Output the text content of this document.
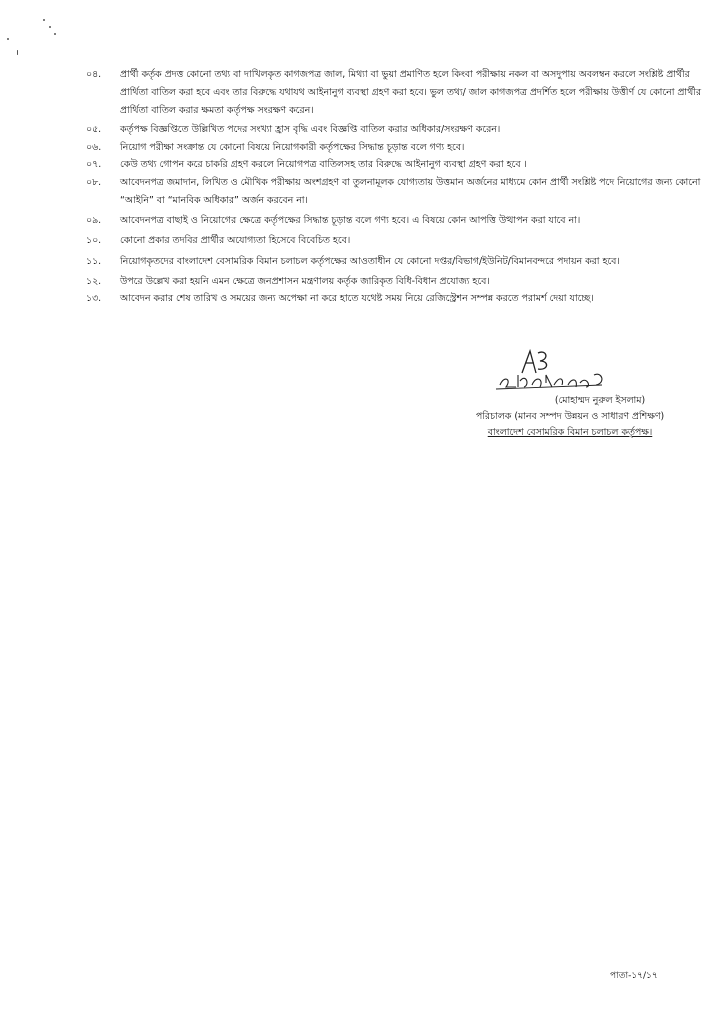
০৪.	প্রার্থী কর্তৃক প্রদত্ত কোনো তথ্য বা দাখিলকৃত কাগজপত্র জাল, মিথ্যা বা ভুয়া প্রমাণিত হলে কিংবা পরীক্ষায় নকল বা অসদুপায় অবলম্বন করলে সংশ্লিষ্ট প্রার্থীর প্রার্থিতা বাতিল করা হবে এবং তার বিরুদ্ধে যথাযথ আইনানুগ ব্যবস্থা গ্রহণ করা হবে। ভুল তথ্য/ জাল কাগজপত্র প্রদর্শিত হলে পরীক্ষায় উত্তীর্ণ যে কোনো প্রার্থীর প্রার্থিতা বাতিল করার ক্ষমতা কর্তৃপক্ষ সংরক্ষণ করেন।
০৫.	কর্তৃপক্ষ বিজ্ঞপ্তিতে উল্লিখিত পদের সংখ্যা হ্রাস বৃদ্ধি এবং বিজ্ঞপ্তি বাতিল করার অধিকার/সংরক্ষণ করেন।
০৬.	নিয়োগ পরীক্ষা সংক্রান্ত যে কোনো বিষয়ে নিয়োগকারী কর্তৃপক্ষের সিদ্ধান্ত চূড়ান্ত বলে গণ্য হবে।
০৭.	কেউ তথ্য গোপন করে চাকরি গ্রহণ করলে নিয়োগপত্র বাতিলসহ তার বিরুদ্ধে আইনানুগ ব্যবস্থা গ্রহণ করা হবে ।
০৮.	আবেদনপত্র জমাদান, লিখিত ও মৌখিক পরীক্ষায় অংশগ্রহণ বা তুলনামূলক যোগ্যতায় উত্তমান অর্জনের মাধ্যমে কোন প্রার্থী সংশ্লিষ্ট পদে নিয়োগের জন্য কোনো “আইনি” বা “মানবিক অধিকার” অর্জন করবেন না।
০৯.	আবেদনপত্র বাছাই ও নিয়োগের ক্ষেত্রে কর্তৃপক্ষের সিদ্ধান্ত চূড়ান্ত বলে গণ্য হবে। এ বিষয়ে কোন আপত্তি উত্থাপন করা যাবে না।
১০.	কোনো প্রকার তদবির প্রার্থীর অযোগ্যতা হিসেবে বিবেচিত হবে।
১১.	নিয়োগকৃতদের বাংলাদেশ বেসামরিক বিমান চলাচল কর্তৃপক্ষের আওতাধীন যে কোনো দপ্তর/বিভাগ/ইউনিট/বিমানবন্দরে পদায়ন করা হবে।
১২.	উপরে উল্লেখ করা হয়নি এমন ক্ষেত্রে জনপ্রশাসন মন্ত্রণালয় কর্তৃক জারিকৃত বিধি-বিধান প্রযোজ্য হবে।
১৩.	আবেদন করার শেষ তারিখ ও সময়ের জন্য অপেক্ষা না করে হাতে যথেষ্ট সময় নিয়ে রেজিস্ট্রেশন সম্পন্ন করতে পরামর্শ দেয়া যাচ্ছে।
(মোহাম্মদ নুরুল ইসলাম)
পরিচালক (মানব সম্পদ উন্নয়ন ও সাধারণ প্রশিক্ষণ)
বাংলাদেশ বেসামরিক বিমান চলাচল কর্তৃপক্ষ।
পাতা-১৭/১৭
